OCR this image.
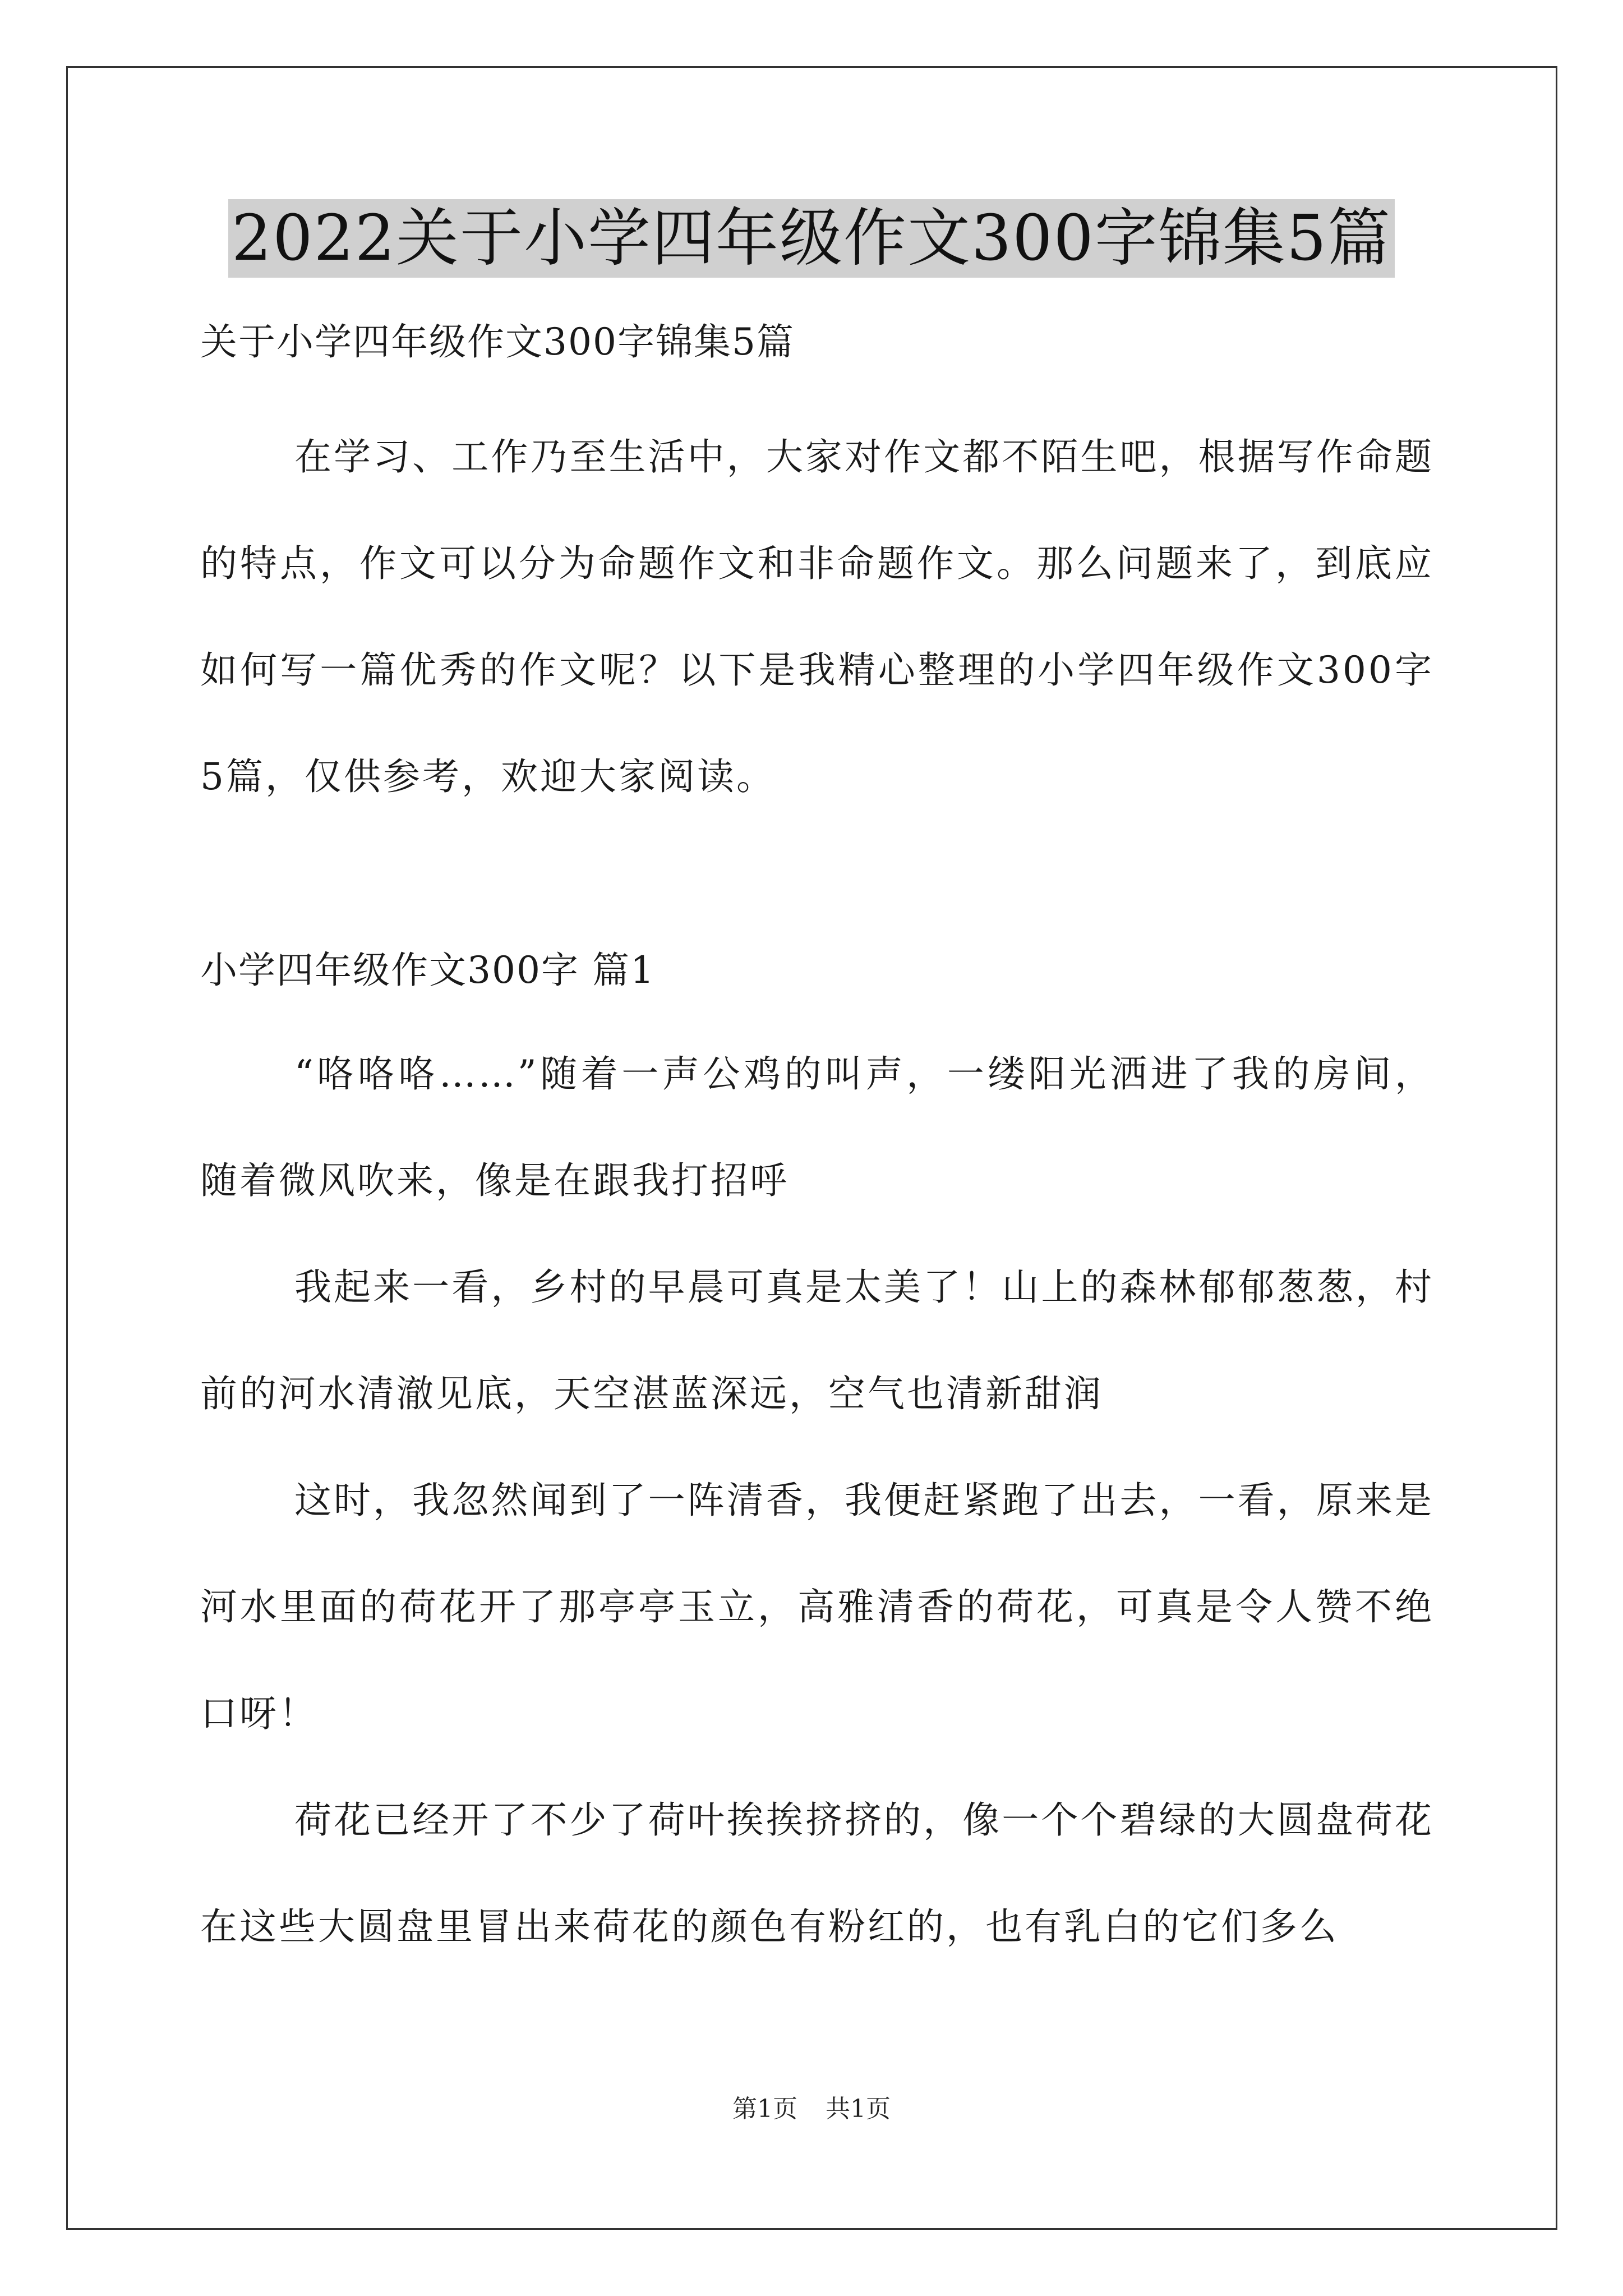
2022关于小学四年级作文300字锦集5篇

关于小学四年级作文300字锦集5篇

在学习、工作乃至生活中，大家对作文都不陌生吧，根据写作命题的特点，作文可以分为命题作文和非命题作文。那么问题来了，到底应如何写一篇优秀的作文呢？以下是我精心整理的小学四年级作文300字5篇，仅供参考，欢迎大家阅读。

小学四年级作文300字 篇1

“咯咯咯……”随着一声公鸡的叫声，一缕阳光洒进了我的房间，随着微风吹来，像是在跟我打招呼

我起来一看，乡村的早晨可真是太美了！山上的森林郁郁葱葱，村前的河水清澈见底，天空湛蓝深远，空气也清新甜润

这时，我忽然闻到了一阵清香，我便赶紧跑了出去，一看，原来是河水里面的荷花开了那亭亭玉立，高雅清香的荷花，可真是令人赞不绝口呀！

荷花已经开了不少了荷叶挨挨挤挤的，像一个个碧绿的大圆盘荷花在这些大圆盘里冒出来荷花的颜色有粉红的，也有乳白的它们多么

第1页 共1页
